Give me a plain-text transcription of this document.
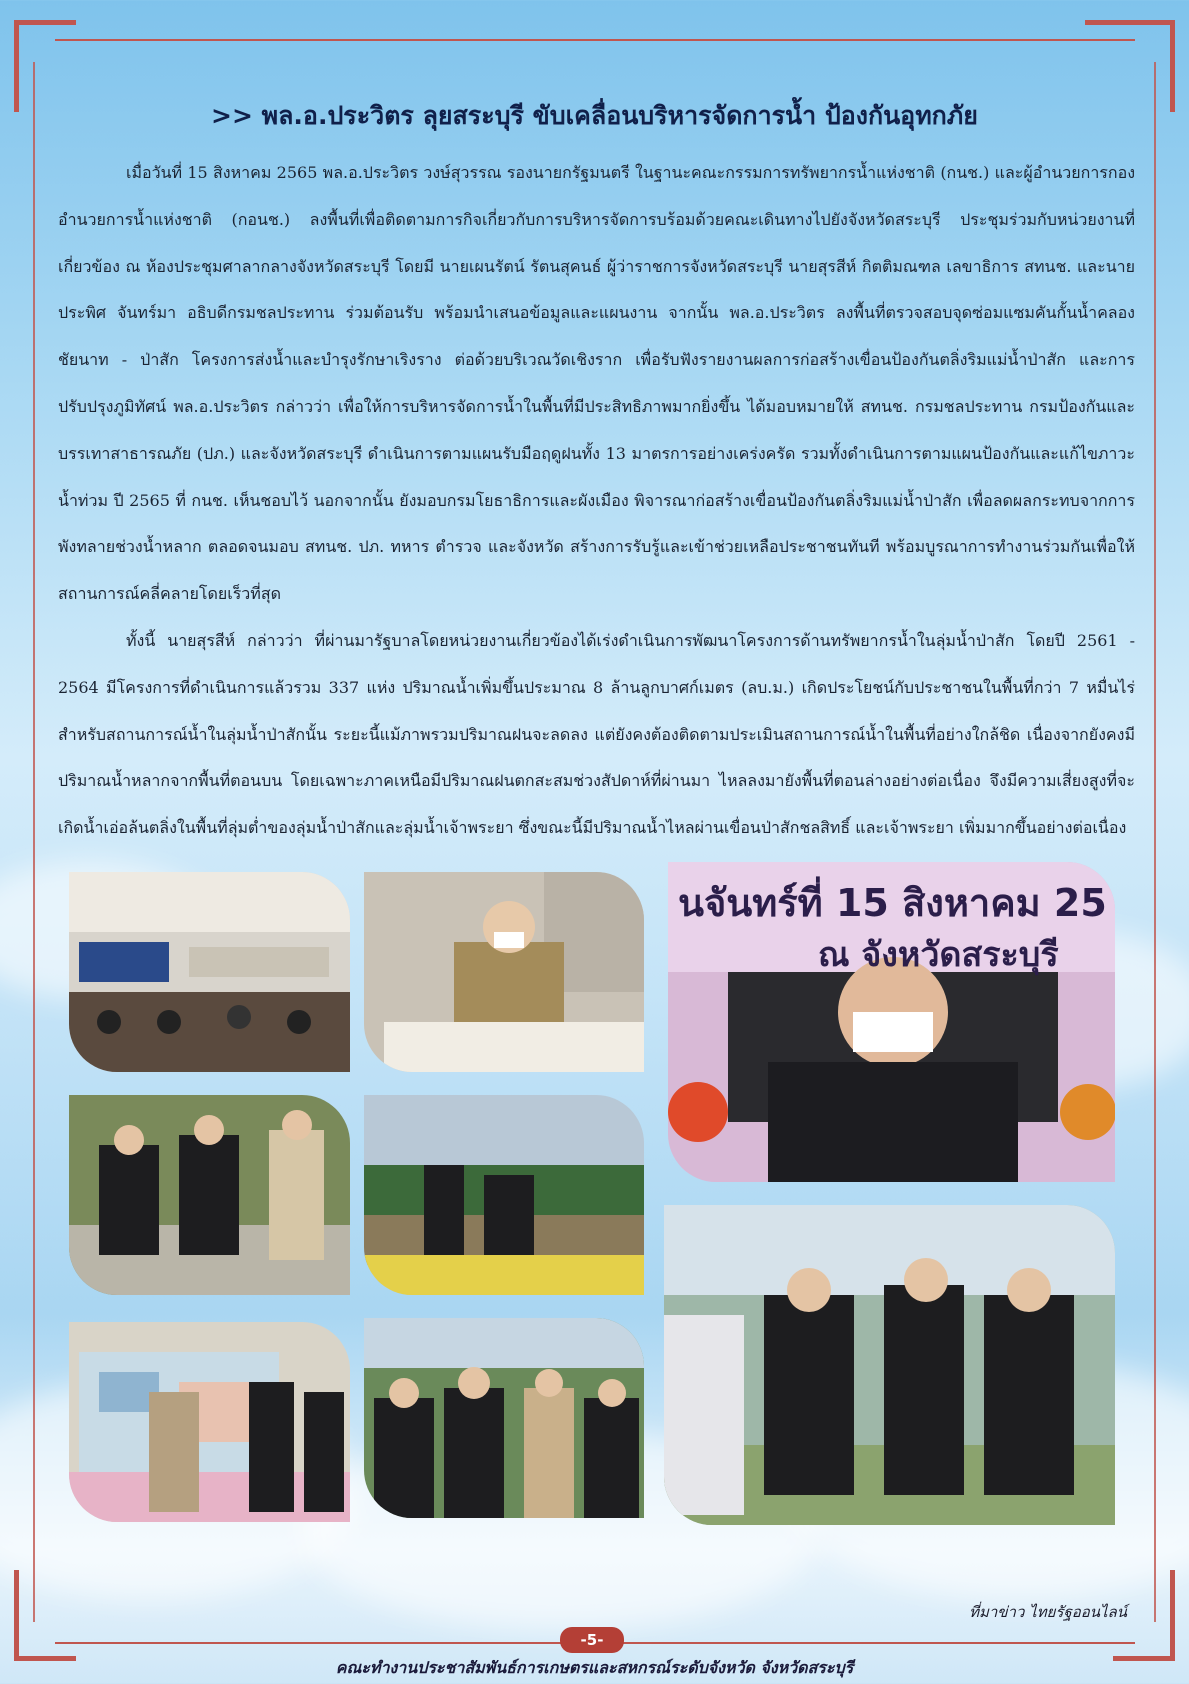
>> พล.อ.ประวิตร ลุยสระบุรี ขับเคลื่อนบริหารจัดการน้ำ ป้องกันอุทกภัย

เมื่อวันที่ 15 สิงหาคม 2565 พล.อ.ประวิตร วงษ์สุวรรณ รองนายกรัฐมนตรี ในฐานะคณะกรรมการทรัพยากรน้ำแห่งชาติ (กนช.) และผู้อำนวยการกองอำนวยการน้ำแห่งชาติ (กอนช.) ลงพื้นที่เพื่อติดตามการกิจเกี่ยวกับการบริหารจัดการบร้อมด้วยคณะเดินทางไปยังจังหวัดสระบุรี ประชุมร่วมกับหน่วยงานที่เกี่ยวข้อง ณ ห้องประชุมศาลากลางจังหวัดสระบุรี โดยมี นายเผนรัตน์ รัตนสุคนธ์ ผู้ว่าราชการจังหวัดสระบุรี นายสุรสีห์ กิตติมณฑล เลขาธิการ สทนช. และนายประพิศ จันทร์มา อธิบดีกรมชลประทาน ร่วมต้อนรับ พร้อมนำเสนอข้อมูลและแผนงาน จากนั้น พล.อ.ประวิตร ลงพื้นที่ตรวจสอบจุดซ่อมแซมคันกั้นน้ำคลองชัยนาท - ป่าสัก โครงการส่งน้ำและบำรุงรักษาเริงราง ต่อด้วยบริเวณวัดเชิงราก เพื่อรับฟังรายงานผลการก่อสร้างเขื่อนป้องกันตลิ่งริมแม่น้ำป่าสัก และการปรับปรุงภูมิทัศน์ พล.อ.ประวิตร กล่าวว่า เพื่อให้การบริหารจัดการน้ำในพื้นที่มีประสิทธิภาพมากยิ่งขึ้น ได้มอบหมายให้ สทนช. กรมชลประทาน กรมป้องกันและบรรเทาสาธารณภัย (ปภ.) และจังหวัดสระบุรี ดำเนินการตามแผนรับมือฤดูฝนทั้ง 13 มาตรการอย่างเคร่งครัด รวมทั้งดำเนินการตามแผนป้องกันและแก้ไขภาวะน้ำท่วม ปี 2565 ที่ กนช. เห็นชอบไว้ นอกจากนั้น ยังมอบกรมโยธาธิการและผังเมือง พิจารณาก่อสร้างเขื่อนป้องกันตลิ่งริมแม่น้ำป่าสัก เพื่อลดผลกระทบจากการพังทลายช่วงน้ำหลาก ตลอดจนมอบ สทนช. ปภ. ทหาร ตำรวจ และจังหวัด สร้างการรับรู้และเข้าช่วยเหลือประชาชนทันที พร้อมบูรณาการทำงานร่วมกันเพื่อให้สถานการณ์คลี่คลายโดยเร็วที่สุด

ทั้งนี้ นายสุรสีห์ กล่าวว่า ที่ผ่านมารัฐบาลโดยหน่วยงานเกี่ยวข้องได้เร่งดำเนินการพัฒนาโครงการด้านทรัพยากรน้ำในลุ่มน้ำป่าสัก โดยปี 2561 - 2564 มีโครงการที่ดำเนินการแล้วรวม 337 แห่ง ปริมาณน้ำเพิ่มขึ้นประมาณ 8 ล้านลูกบาศก์เมตร (ลบ.ม.) เกิดประโยชน์กับประชาชนในพื้นที่กว่า 7 หมื่นไร่ สำหรับสถานการณ์น้ำในลุ่มน้ำป่าสักนั้น ระยะนี้แม้ภาพรวมปริมาณฝนจะลดลง แต่ยังคงต้องติดตามประเมินสถานการณ์น้ำในพื้นที่อย่างใกล้ชิด เนื่องจากยังคงมีปริมาณน้ำหลากจากพื้นที่ตอนบน โดยเฉพาะภาคเหนือมีปริมาณฝนตกสะสมช่วงสัปดาห์ที่ผ่านมา ไหลลงมายังพื้นที่ตอนล่างอย่างต่อเนื่อง จึงมีความเสี่ยงสูงที่จะเกิดน้ำเอ่อล้นตลิ่งในพื้นที่ลุ่มต่ำของลุ่มน้ำป่าสักและลุ่มน้ำเจ้าพระยา ซึ่งขณะนี้มีปริมาณน้ำไหลผ่านเขื่อนป่าสักชลสิทธิ์ และเจ้าพระยา เพิ่มมากขึ้นอย่างต่อเนื่อง

นจันทร์ที่ 15 สิงหาคม 25
ณ จังหวัดสระบุรี
ที่มาข่าว ไทยรัฐออนไลน์
-5-
คณะทำงานประชาสัมพันธ์การเกษตรและสหกรณ์ระดับจังหวัด จังหวัดสระบุรี
